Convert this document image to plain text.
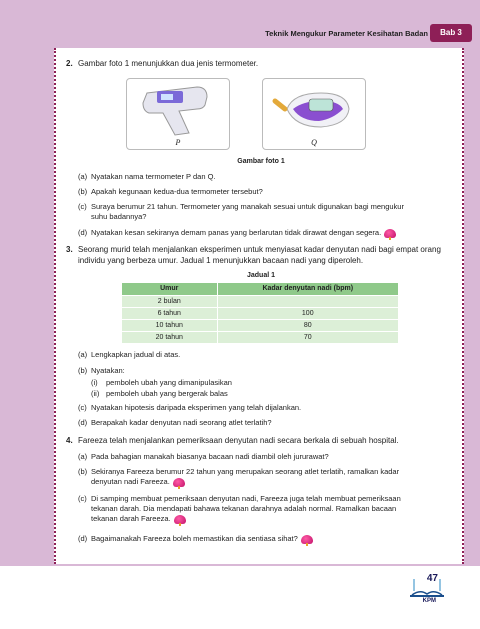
Teknik Mengukur Parameter Kesihatan Badan	Bab 3
2. Gambar foto 1 menunjukkan dua jenis termometer.
P	Q
Gambar foto 1
(a) Nyatakan nama termometer P dan Q.
(b) Apakah kegunaan kedua-dua termometer tersebut?
(c) Suraya berumur 21 tahun. Termometer yang manakah sesuai untuk digunakan bagi mengukur suhu badannya?
(d) Nyatakan kesan sekiranya demam panas yang berlarutan tidak dirawat dengan segera.
3. Seorang murid telah menjalankan eksperimen untuk menyiasat kadar denyutan nadi bagi empat orang individu yang berbeza umur. Jadual 1 menunjukkan bacaan nadi yang diperoleh.
Jadual 1
Umur	Kadar denyutan nadi (bpm)
2 bulan	
6 tahun	100
10 tahun	80
20 tahun	70
(a) Lengkapkan jadual di atas.
(b) Nyatakan:
(i) pemboleh ubah yang dimanipulasikan
(ii) pemboleh ubah yang bergerak balas
(c) Nyatakan hipotesis daripada eksperimen yang telah dijalankan.
(d) Berapakah kadar denyutan nadi seorang atlet terlatih?
4. Fareeza telah menjalankan pemeriksaan denyutan nadi secara berkala di sebuah hospital.
(a) Pada bahagian manakah biasanya bacaan nadi diambil oleh jururawat?
(b) Sekiranya Fareeza berumur 22 tahun yang merupakan seorang atlet terlatih, ramalkan kadar denyutan nadi Fareeza.
(c) Di samping membuat pemeriksaan denyutan nadi, Fareeza juga telah membuat pemeriksaan tekanan darah. Dia mendapati bahawa tekanan darahnya adalah normal. Ramalkan bacaan tekanan darah Fareeza.
(d) Bagaimanakah Fareeza boleh memastikan dia sentiasa sihat?
47
KPM
